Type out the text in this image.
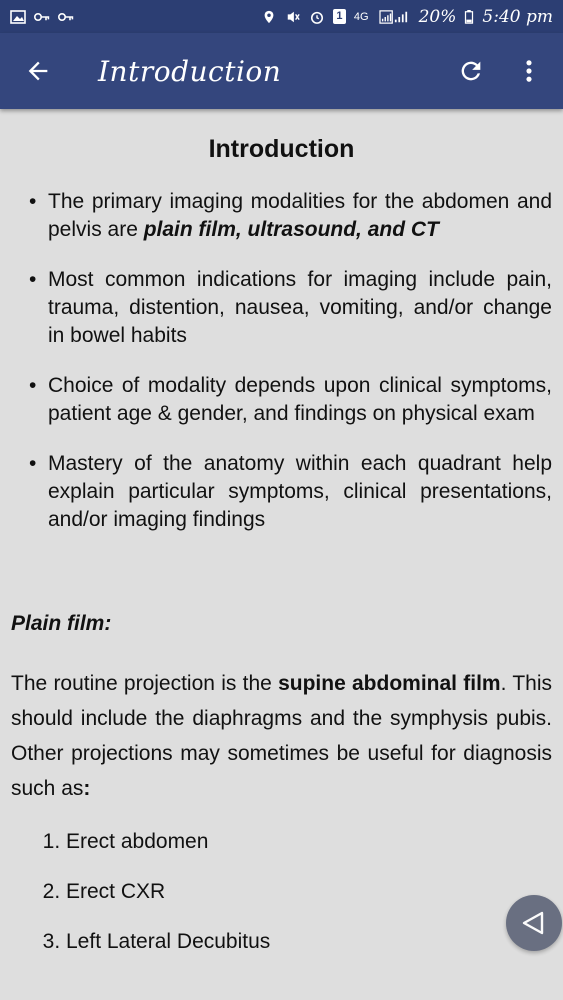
1	4G	20% 5:40 pm
Introduction
Introduction
• The primary imaging modalities for the abdomen and pelvis are plain film, ultrasound, and CT
• Most common indications for imaging include pain, trauma, distention, nausea, vomiting, and/or change in bowel habits
• Choice of modality depends upon clinical symptoms, patient age & gender, and findings on physical exam
• Mastery of the anatomy within each quadrant help explain particular symptoms, clinical presentations, and/or imaging findings
Plain film:

The routine projection is the supine abdominal film. This should include the diaphragms and the symphysis pubis. Other projections may sometimes be useful for diagnosis such as:

1. Erect abdomen
2. Erect CXR
3. Left Lateral Decubitus
